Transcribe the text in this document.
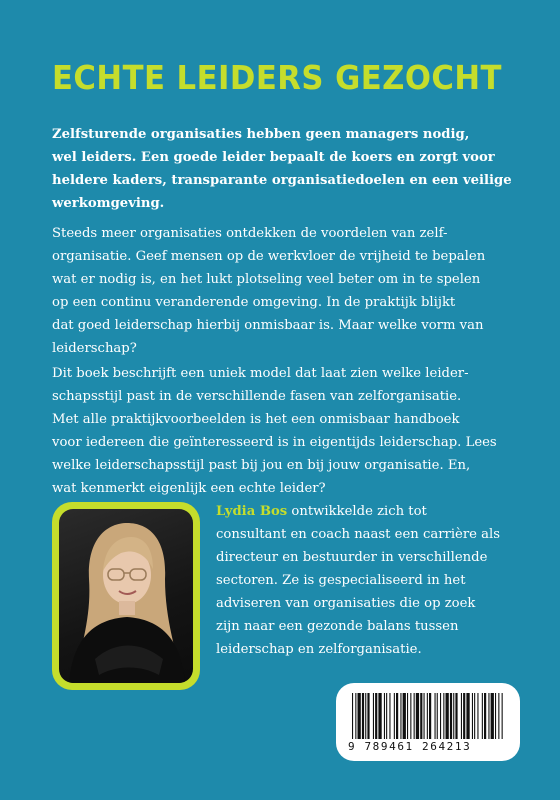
ECHTE LEIDERS GEZOCHT

Zelfsturende organisaties hebben geen managers nodig,
wel leiders. Een goede leider bepaalt de koers en zorgt voor
heldere kaders, transparante organisatiedoelen en een veilige
werkomgeving.

Steeds meer organisaties ontdekken de voordelen van zelf-
organisatie. Geef mensen op de werkvloer de vrijheid te bepalen
wat er nodig is, en het lukt plotseling veel beter om in te spelen
op een continu veranderende omgeving. In de praktijk blijkt
dat goed leiderschap hierbij onmisbaar is. Maar welke vorm van
leiderschap?

Dit boek beschrijft een uniek model dat laat zien welke leider-
schapsstijl past in de verschillende fasen van zelforganisatie.
Met alle praktijkvoorbeelden is het een onmisbaar handboek
voor iedereen die geïnteresseerd is in eigentijds leiderschap. Lees
welke leiderschapsstijl past bij jou en bij jouw organisatie. En,
wat kenmerkt eigenlijk een echte leider?

Lydia Bos ontwikkelde zich tot
consultant en coach naast een carrière als
directeur en bestuurder in verschillende
sectoren. Ze is gespecialiseerd in het
adviseren van organisaties die op zoek
zijn naar een gezonde balans tussen
leiderschap en zelforganisatie.

9 789461 264213
